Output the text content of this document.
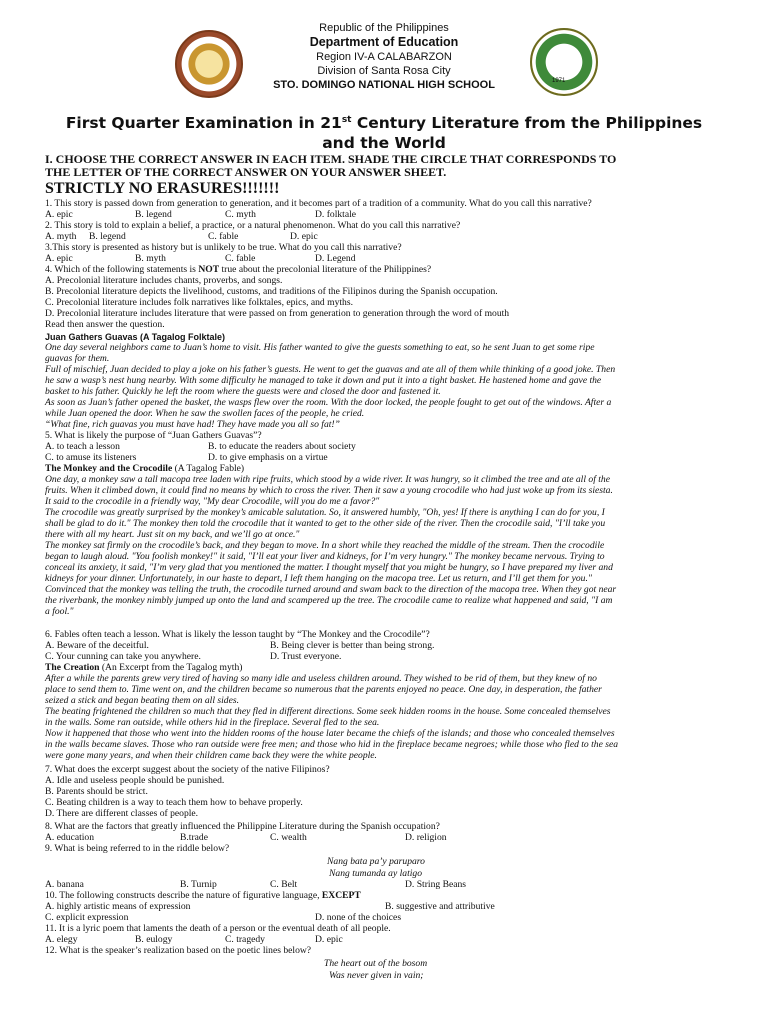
1971
Republic of the Philippines
Department of Education
Region IV-A CALABARZON
Division of Santa Rosa City
STO. DOMINGO NATIONAL HIGH SCHOOL
First Quarter Examination in 21st Century Literature from the Philippines
and the World
I. CHOOSE THE CORRECT ANSWER IN EACH ITEM. SHADE THE CIRCLE THAT CORRESPONDS TO
THE LETTER OF THE CORRECT ANSWER ON YOUR ANSWER SHEET.
STRICTLY NO ERASURES!!!!!!!
1. This story is passed down from generation to generation, and it becomes part of a tradition of a community. What do you call this narrative?
A. epic	B. legend	C. myth	D. folktale
2. This story is told to explain a belief, a practice, or a natural phenomenon. What do you call this narrative?
A. myth B. legend	C. fable	D. epic
3.This story is presented as history but is unlikely to be true. What do you call this narrative?
A. epic	B. myth	C. fable	D. Legend
4. Which of the following statements is NOT true about the precolonial literature of the Philippines?
A. Precolonial literature includes chants, proverbs, and songs.
B. Precolonial literature depicts the livelihood, customs, and traditions of the Filipinos during the Spanish occupation.
C. Precolonial literature includes folk narratives like folktales, epics, and myths.
D. Precolonial literature includes literature that were passed on from generation to generation through the word of mouth
Read then answer the question.
Juan Gathers Guavas (A Tagalog Folktale)
One day several neighbors came to Juan’s home to visit. His father wanted to give the guests something to eat, so he sent Juan to get some ripe
guavas for them.
Full of mischief, Juan decided to play a joke on his father’s guests. He went to get the guavas and ate all of them while thinking of a good joke. Then
he saw a wasp’s nest hung nearby. With some difficulty he managed to take it down and put it into a tight basket. He hastened home and gave the
basket to his father. Quickly he left the room where the guests were and closed the door and fastened it.
As soon as Juan’s father opened the basket, the wasps flew over the room. With the door locked, the people fought to get out of the windows. After a
while Juan opened the door. When he saw the swollen faces of the people, he cried.
“What fine, rich guavas you must have had! They have made you all so fat!”
5. What is likely the purpose of “Juan Gathers Guavas”?
A. to teach a lesson	B. to educate the readers about society
C. to amuse its listeners	D. to give emphasis on a virtue
The Monkey and the Crocodile (A Tagalog Fable)
One day, a monkey saw a tall macopa tree laden with ripe fruits, which stood by a wide river. It was hungry, so it climbed the tree and ate all of the
fruits. When it climbed down, it could find no means by which to cross the river. Then it saw a young crocodile who had just woke up from its siesta.
It said to the crocodile in a friendly way, "My dear Crocodile, will you do me a favor?"
The crocodile was greatly surprised by the monkey’s amicable salutation. So, it answered humbly, "Oh, yes! If there is anything I can do for you, I
shall be glad to do it." The monkey then told the crocodile that it wanted to get to the other side of the river. Then the crocodile said, "I’ll take you
there with all my heart. Just sit on my back, and we’ll go at once."
The monkey sat firmly on the crocodile’s back, and they began to move. In a short while they reached the middle of the stream. Then the crocodile
began to laugh aloud. "You foolish monkey!" it said, "I’ll eat your liver and kidneys, for I’m very hungry." The monkey became nervous. Trying to
conceal its anxiety, it said, "I’m very glad that you mentioned the matter. I thought myself that you might be hungry, so I have prepared my liver and
kidneys for your dinner. Unfortunately, in our haste to depart, I left them hanging on the macopa tree. Let us return, and I’ll get them for you."
Convinced that the monkey was telling the truth, the crocodile turned around and swam back to the direction of the macopa tree. When they got near
the riverbank, the monkey nimbly jumped up onto the land and scampered up the tree. The crocodile came to realize what happened and said, "I am
a fool."
6. Fables often teach a lesson. What is likely the lesson taught by “The Monkey and the Crocodile”?
A. Beware of the deceitful.	B. Being clever is better than being strong.
C. Your cunning can take you anywhere.	D. Trust everyone.
The Creation (An Excerpt from the Tagalog myth)
After a while the parents grew very tired of having so many idle and useless children around. They wished to be rid of them, but they knew of no
place to send them to. Time went on, and the children became so numerous that the parents enjoyed no peace. One day, in desperation, the father
seized a stick and began beating them on all sides.
The beating frightened the children so much that they fled in different directions. Some seek hidden rooms in the house. Some concealed themselves
in the walls. Some ran outside, while others hid in the fireplace. Several fled to the sea.
Now it happened that those who went into the hidden rooms of the house later became the chiefs of the islands; and those who concealed themselves
in the walls became slaves. Those who ran outside were free men; and those who hid in the fireplace became negroes; while those who fled to the sea
were gone many years, and when their children came back they were the white people.
7. What does the excerpt suggest about the society of the native Filipinos?
A. Idle and useless people should be punished.
B. Parents should be strict.
C. Beating children is a way to teach them how to behave properly.
D. There are different classes of people.
8. What are the factors that greatly influenced the Philippine Literature during the Spanish occupation?
A. education	B.trade	C. wealth	D. religion
9. What is being referred to in the riddle below?
Nang bata pa’y paruparo
Nang tumanda ay latigo
A. banana	B. Turnip	C. Belt	D. String Beans
10. The following constructs describe the nature of figurative language, EXCEPT
A. highly artistic means of expression	B. suggestive and attributive
C. explicit expression	D. none of the choices
11. It is a lyric poem that laments the death of a person or the eventual death of all people.
A. elegy	B. eulogy	C. tragedy	D. epic
12. What is the speaker’s realization based on the poetic lines below?
The heart out of the bosom
Was never given in vain;
